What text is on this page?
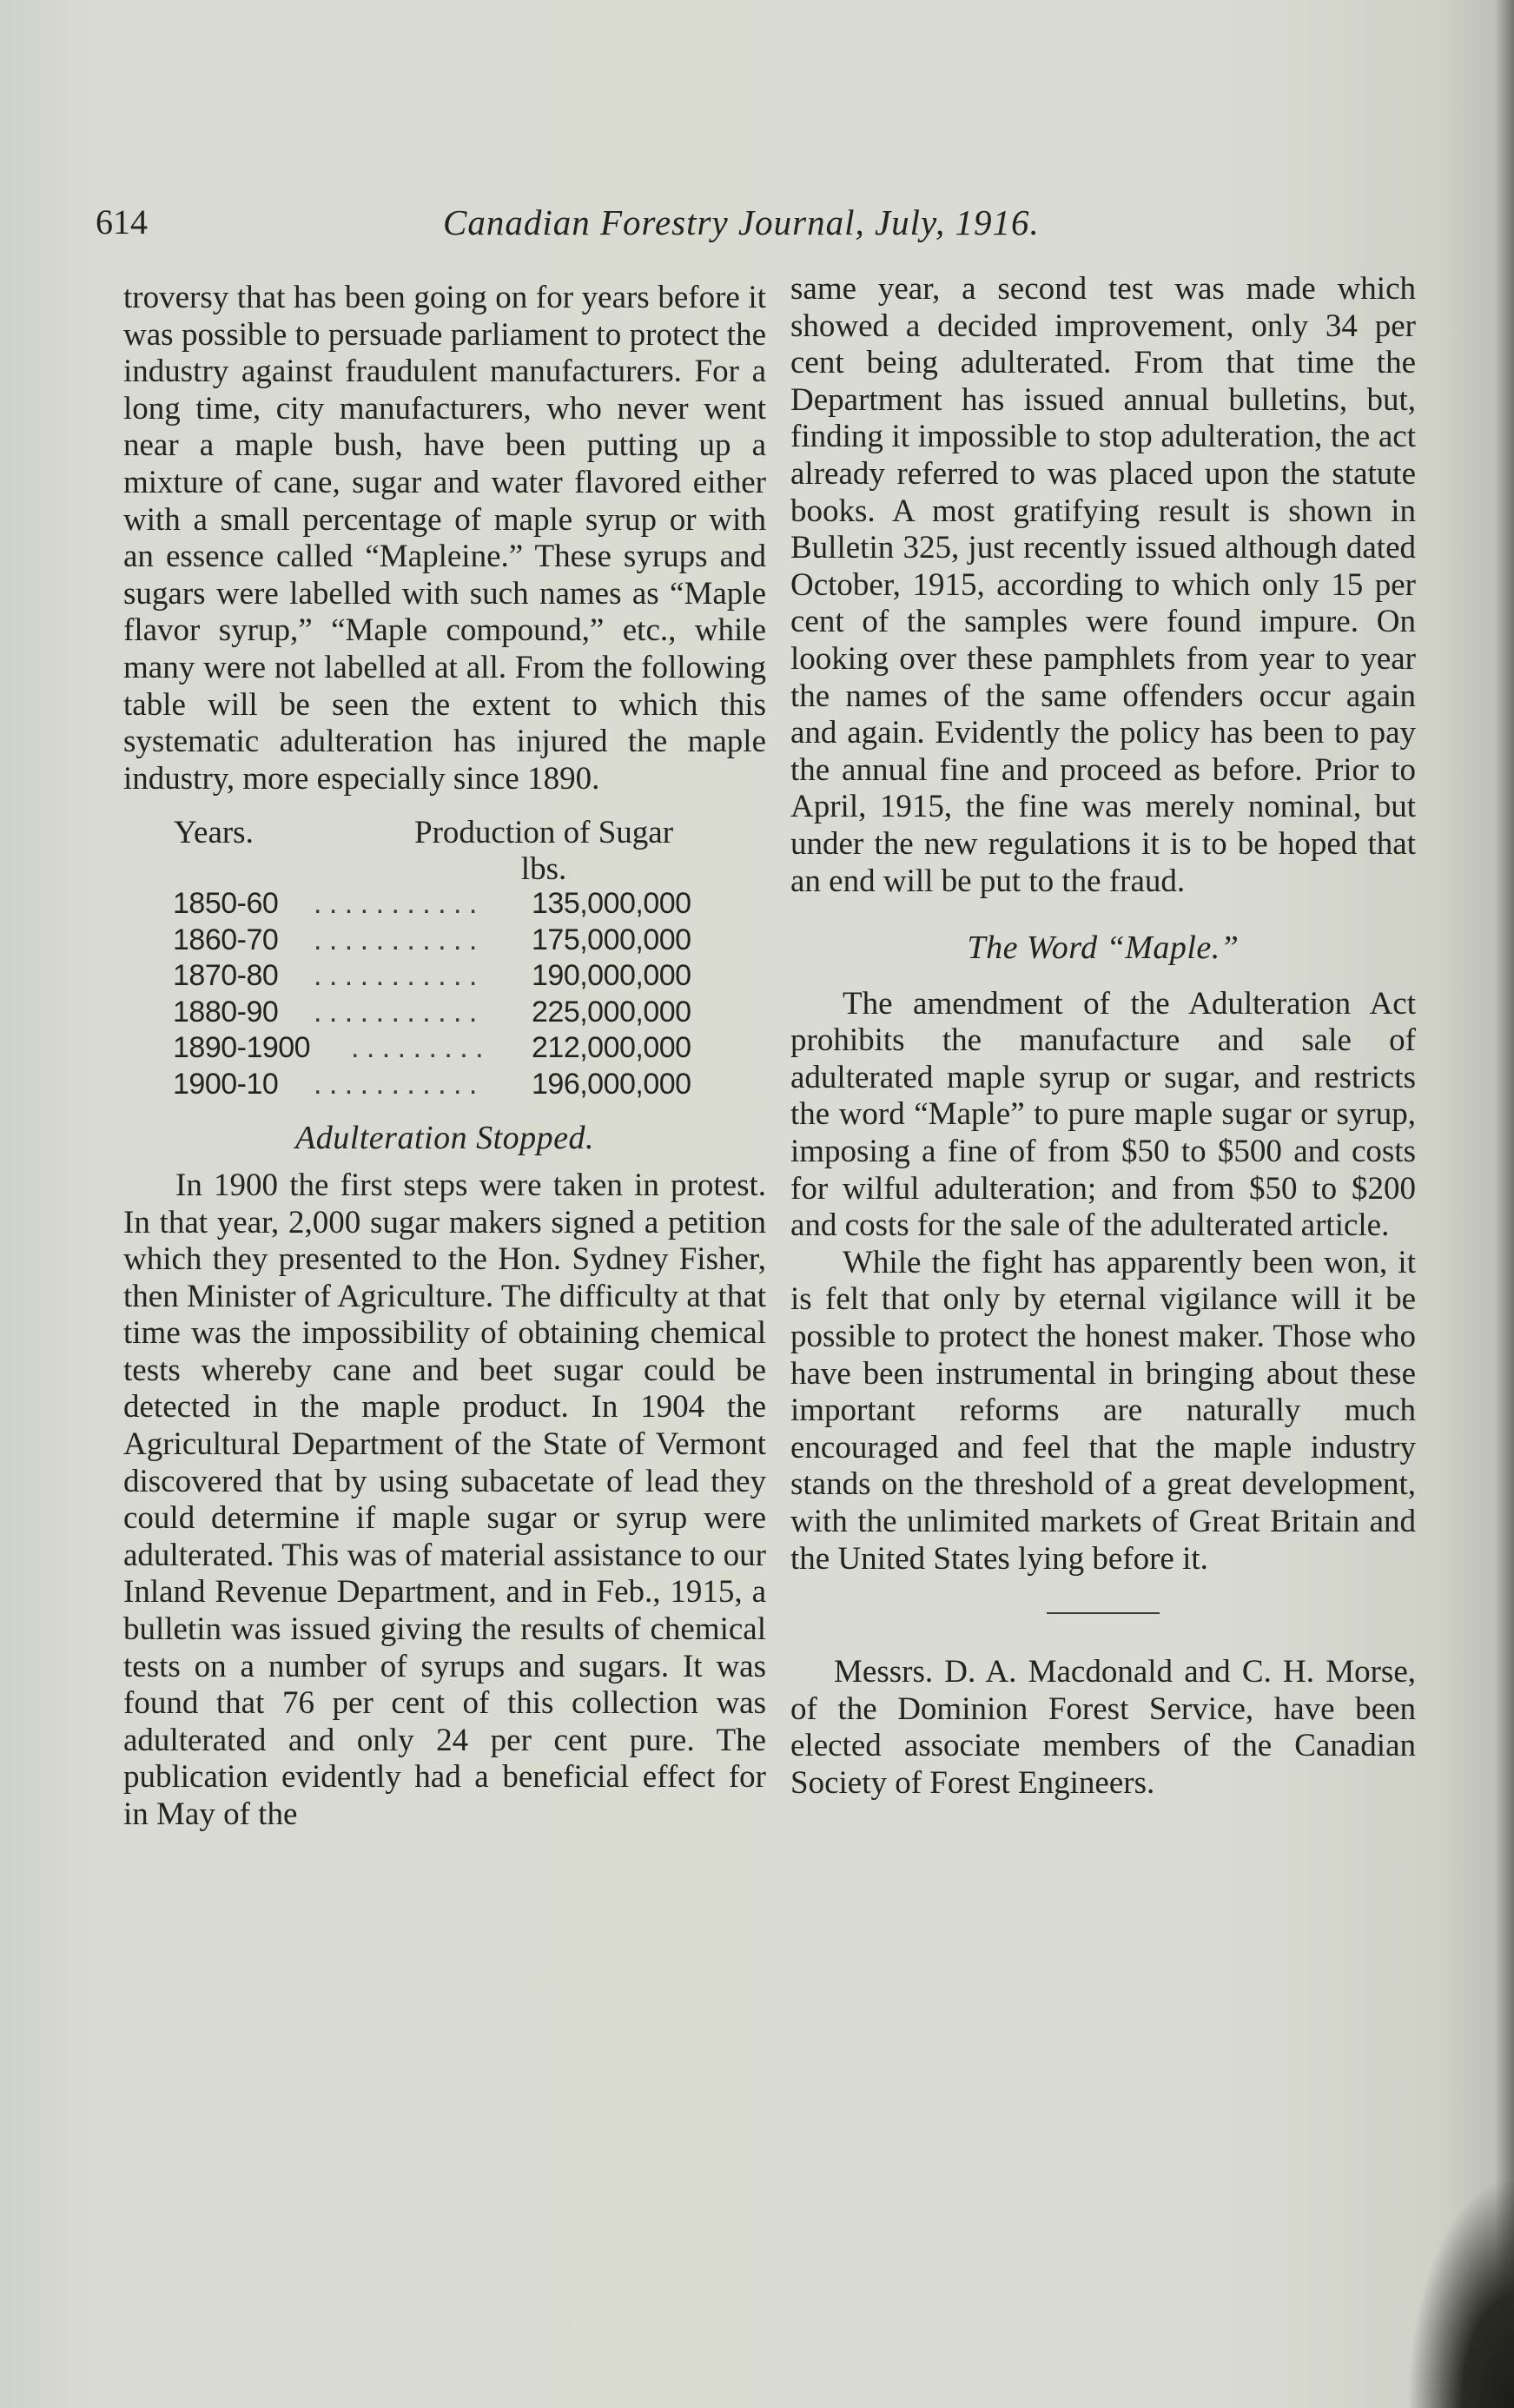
614	Canadian Forestry Journal, July, 1916.

troversy that has been going on for years before it was possible to persuade parliament to protect the industry against fraudulent manufacturers. For a long time, city manufacturers, who never went near a maple bush, have been putting up a mixture of cane, sugar and water flavored either with a small percentage of maple syrup or with an essence called “Mapleine.” These syrups and sugars were labelled with such names as “Maple flavor syrup,” “Maple compound,” etc., while many were not labelled at all. From the following table will be seen the extent to which this systematic adulteration has injured the maple industry, more especially since 1890.

Years.	Production of Sugar
lbs.
. . . . . . . . . . .
1850-60	135,000,000
. . . . . . . . . . .
1860-70	175,000,000
. . . . . . . . . . .
1870-80	190,000,000
. . . . . . . . . . .
1880-90	225,000,000
. . . . . . . . .
1890-1900	212,000,000
. . . . . . . . . . .
1900-10	196,000,000
Adulteration Stopped.

In 1900 the first steps were taken in protest. In that year, 2,000 sugar makers signed a petition which they presented to the Hon. Sydney Fisher, then Minister of Agriculture. The difficulty at that time was the impossibility of obtaining chemical tests whereby cane and beet sugar could be detected in the maple product. In 1904 the Agricultural Department of the State of Vermont discovered that by using subacetate of lead they could determine if maple sugar or syrup were adulterated. This was of material assistance to our Inland Revenue Department, and in Feb., 1915, a bulletin was issued giving the results of chemical tests on a number of syrups and sugars. It was found that 76 per cent of this collection was adulterated and only 24 per cent pure. The publication evidently had a beneficial effect for in May of the

same year, a second test was made which showed a decided improvement, only 34 per cent being adulterated. From that time the Department has issued annual bulletins, but, finding it impossible to stop adulteration, the act already referred to was placed upon the statute books. A most gratifying result is shown in Bulletin 325, just recently issued although dated October, 1915, according to which only 15 per cent of the samples were found impure. On looking over these pamphlets from year to year the names of the same offenders occur again and again. Evidently the policy has been to pay the annual fine and proceed as before. Prior to April, 1915, the fine was merely nominal, but under the new regulations it is to be hoped that an end will be put to the fraud.

The Word “Maple.”

The amendment of the Adulteration Act prohibits the manufacture and sale of adulterated maple syrup or sugar, and restricts the word “Maple” to pure maple sugar or syrup, imposing a fine of from $50 to $500 and costs for wilful adulteration; and from $50 to $200 and costs for the sale of the adulterated article.

While the fight has apparently been won, it is felt that only by eternal vigilance will it be possible to protect the honest maker. Those who have been instrumental in bringing about these important reforms are naturally much encouraged and feel that the maple industry stands on the threshold of a great development, with the unlimited markets of Great Britain and the United States lying before it.

Messrs. D. A. Macdonald and C. H. Morse, of the Dominion Forest Service, have been elected associate members of the Canadian Society of Forest Engineers.
